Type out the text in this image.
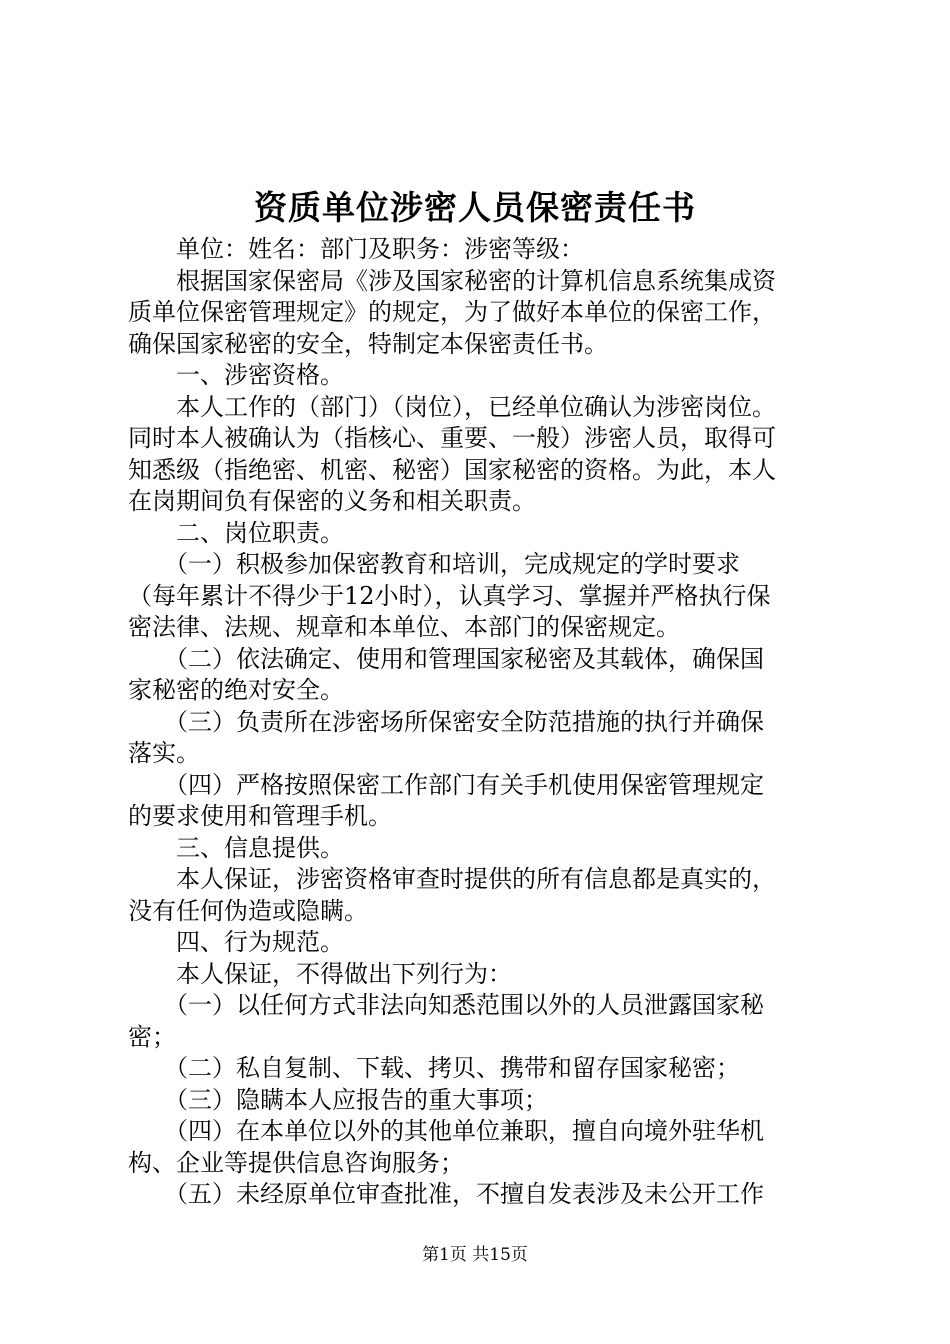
资质单位涉密人员保密责任书
　　单位：姓名：部门及职务：涉密等级：
　　根据国家保密局《涉及国家秘密的计算机信息系统集成资
质单位保密管理规定》的规定，为了做好本单位的保密工作，
确保国家秘密的安全，特制定本保密责任书。
　　一、涉密资格。
　　本人工作的（部门）（岗位），已经单位确认为涉密岗位。
同时本人被确认为（指核心、重要、一般）涉密人员，取得可
知悉级（指绝密、机密、秘密）国家秘密的资格。为此，本人
在岗期间负有保密的义务和相关职责。
　　二、岗位职责。
　　（一）积极参加保密教育和培训，完成规定的学时要求
（每年累计不得少于12小时），认真学习、掌握并严格执行保
密法律、法规、规章和本单位、本部门的保密规定。
　　（二）依法确定、使用和管理国家秘密及其载体，确保国
家秘密的绝对安全。
　　（三）负责所在涉密场所保密安全防范措施的执行并确保
落实。
　　（四）严格按照保密工作部门有关手机使用保密管理规定
的要求使用和管理手机。
　　三、信息提供。
　　本人保证，涉密资格审查时提供的所有信息都是真实的，
没有任何伪造或隐瞒。
　　四、行为规范。
　　本人保证，不得做出下列行为：
　　（一）以任何方式非法向知悉范围以外的人员泄露国家秘
密；
　　（二）私自复制、下载、拷贝、携带和留存国家秘密；
　　（三）隐瞒本人应报告的重大事项；
　　（四）在本单位以外的其他单位兼职，擅自向境外驻华机
构、企业等提供信息咨询服务；
　　（五）未经原单位审查批准，不擅自发表涉及未公开工作
第1页 共15页
